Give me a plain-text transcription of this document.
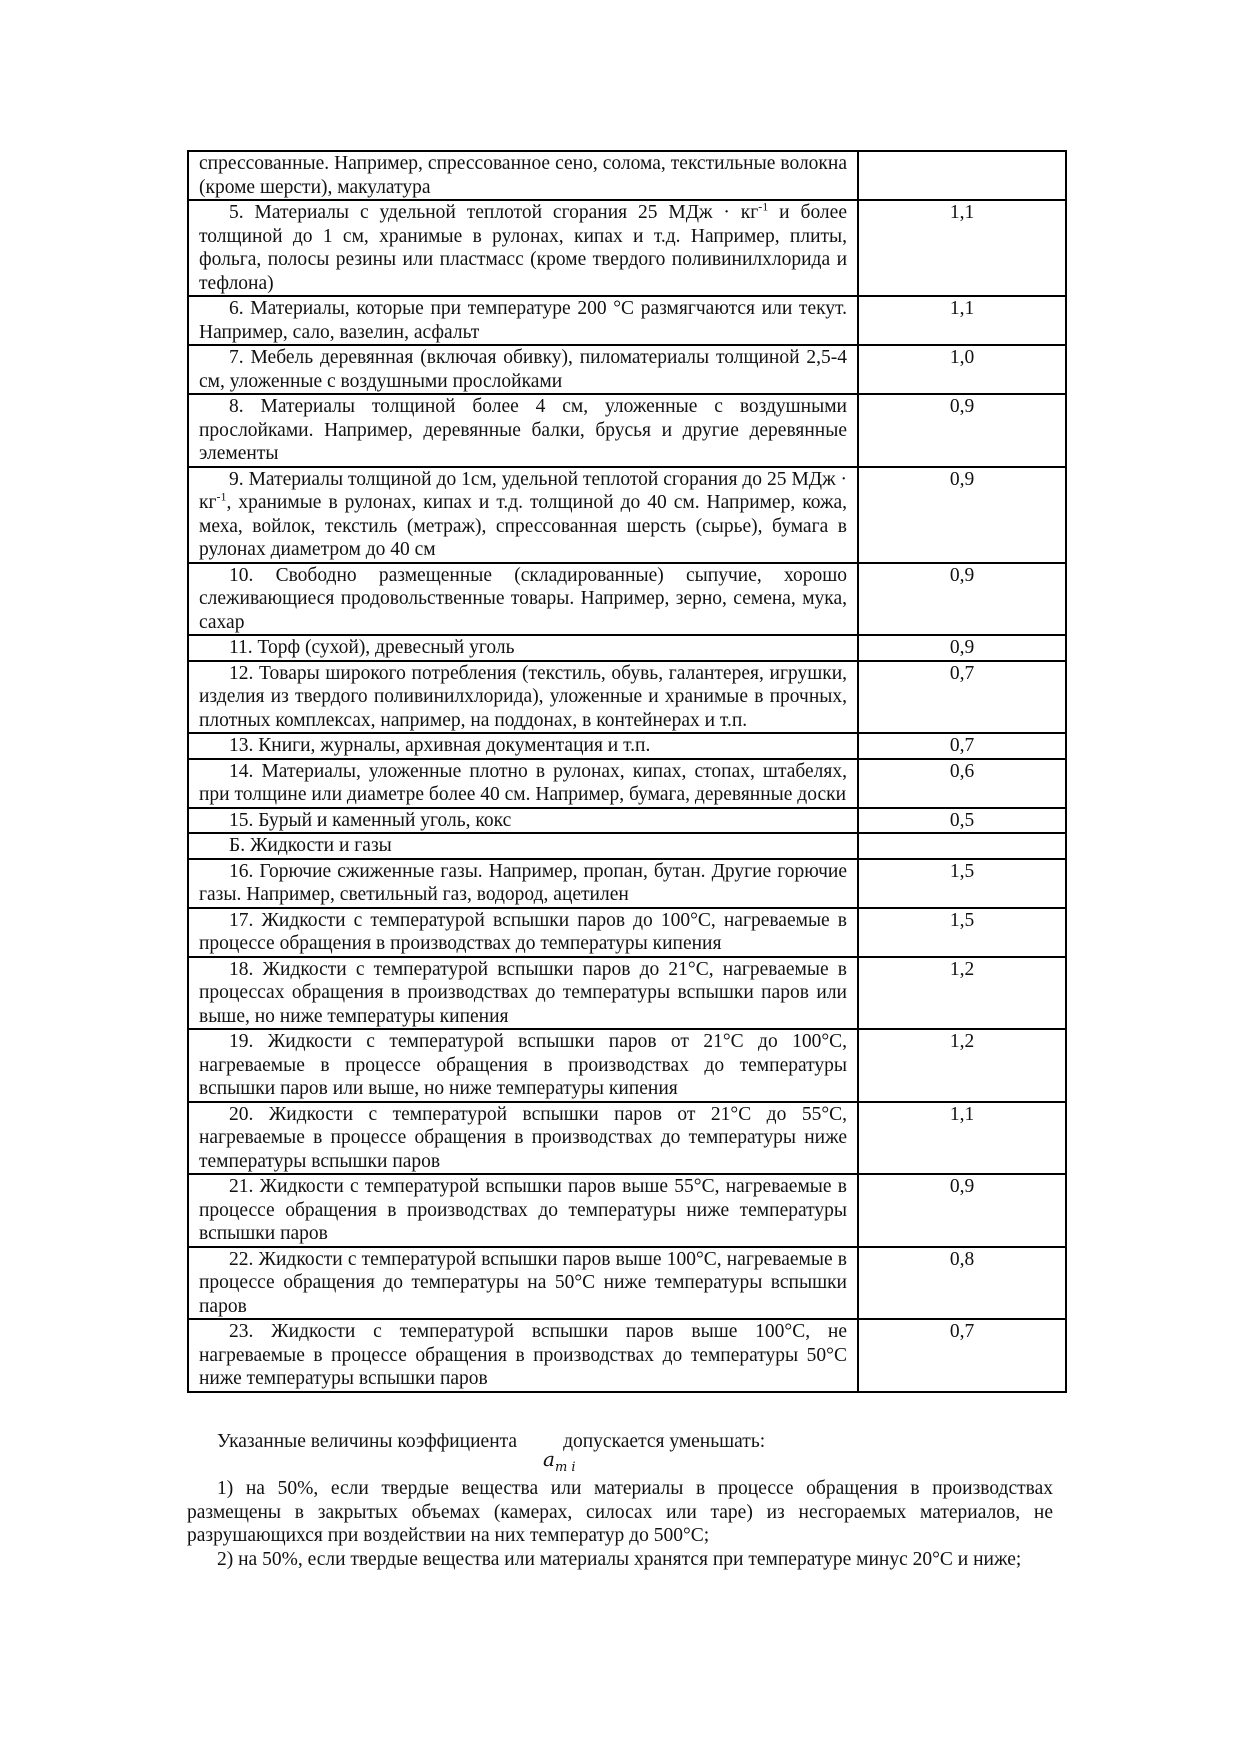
спрессованные. Например, спрессованное сено, солома, текстильные волокна (кроме шерсти), макулатура	
5. Материалы с удельной теплотой сгорания 25 МДж · $кг^{-1}$ и более толщиной до 1 см, хранимые в рулонах, кипах и т.д. Например, плиты, фольга, полосы резины или пластмасс (кроме твердого поливинилхлорида и тефлона)	1,1
6. Материалы, которые при температуре 200 °С размягчаются или текут. Например, сало, вазелин, асфальт	1,1
7. Мебель деревянная (включая обивку), пиломатериалы толщиной 2,5-4 см, уложенные с воздушными прослойками	1,0
8. Материалы толщиной более 4 см, уложенные с воздушными прослойками. Например, деревянные балки, брусья и другие деревянные элементы	0,9
9. Материалы толщиной до 1см, удельной теплотой сгорания до 25 МДж · $кг^{-1}$, хранимые в рулонах, кипах и т.д. толщиной до 40 см. Например, кожа, меха, войлок, текстиль (метраж), спрессованная шерсть (сырье), бумага в рулонах диаметром до 40 см	0,9
10. Свободно размещенные (складированные) сыпучие, хорошо слеживающиеся продовольственные товары. Например, зерно, семена, мука, сахар	0,9
11. Торф (сухой), древесный уголь	0,9
12. Товары широкого потребления (текстиль, обувь, галантерея, игрушки, изделия из твердого поливинилхлорида), уложенные и хранимые в прочных, плотных комплексах, например, на поддонах, в контейнерах и т.п.	0,7
13. Книги, журналы, архивная документация и т.п.	0,7
14. Материалы, уложенные плотно в рулонах, кипах, стопах, штабелях, при толщине или диаметре более 40 см. Например, бумага, деревянные доски	0,6
15. Бурый и каменный уголь, кокс	0,5
Б. Жидкости и газы	
16. Горючие сжиженные газы. Например, пропан, бутан. Другие горючие газы. Например, светильный газ, водород, ацетилен	1,5
17. Жидкости с температурой вспышки паров до 100°С, нагреваемые в процессе обращения в производствах до температуры кипения	1,5
18. Жидкости с температурой вспышки паров до 21°С, нагреваемые в процессах обращения в производствах до температуры вспышки паров или выше, но ниже температуры кипения	1,2
19. Жидкости с температурой вспышки паров от 21°С до 100°С, нагреваемые в процессе обращения в производствах до температуры вспышки паров или выше, но ниже температуры кипения	1,2
20. Жидкости с температурой вспышки паров от 21°С до 55°С, нагреваемые в процессе обращения в производствах до температуры ниже температуры вспышки паров	1,1
21. Жидкости с температурой вспышки паров выше 55°С, нагреваемые в процессе обращения в производствах до температуры ниже температуры вспышки паров	0,9
22. Жидкости с температурой вспышки паров выше 100°С, нагреваемые в процессе обращения до температуры на 50°С ниже температуры вспышки паров	0,8
23. Жидкости с температурой вспышки паров выше 100°С, не нагреваемые в процессе обращения в производствах до температуры 50°С ниже температуры вспышки паров	0,7
Указанные величины коэффициента допускается уменьшать:
$a_{m i}$

1) на 50%, если твердые вещества или материалы в процессе обращения в производствах размещены в закрытых объемах (камерах, силосах или таре) из несгораемых материалов, не разрушающихся при воздействии на них температур до 500°С;

2) на 50%, если твердые вещества или материалы хранятся при температуре минус 20°С и ниже;
